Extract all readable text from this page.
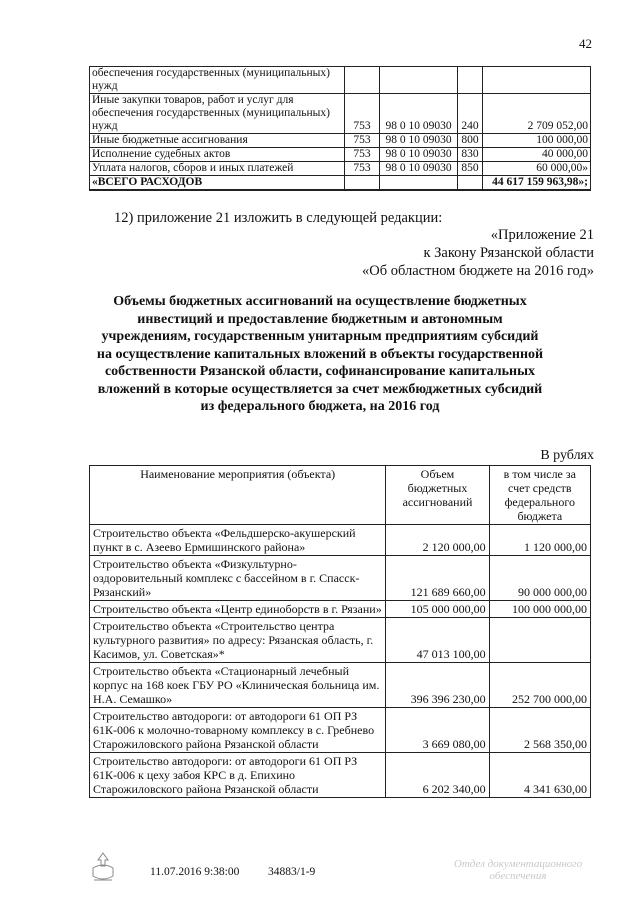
42
обеспечения государственных (муниципальных) нужд				
Иные закупки товаров, работ и услуг для обеспечения государственных (муниципальных) нужд	753	98 0 10 09030	240	2 709 052,00
Иные бюджетные ассигнования	753	98 0 10 09030	800	100 000,00
Исполнение судебных актов	753	98 0 10 09030	830	40 000,00
Уплата налогов, сборов и иных платежей	753	98 0 10 09030	850	60 000,00»
«ВСЕГО РАСХОДОВ				44 617 159 963,98»;
12) приложение 21 изложить в следующей редакции:
«Приложение 21
к Закону Рязанской области
«Об областном бюджете на 2016 год»
Объемы бюджетных ассигнований на осуществление бюджетных инвестиций и предоставление бюджетным и автономным учреждениям, государственным унитарным предприятиям субсидий на осуществление капитальных вложений в объекты государственной собственности Рязанской области, софинансирование капитальных вложений в которые осуществляется за счет межбюджетных субсидий из федерального бюджета, на 2016 год
В рублях
Наименование мероприятия (объекта)	Объем бюджетных ассигнований	в том числе за счет средств федерального бюджета
Строительство объекта «Фельдшерско-акушерский пункт в с. Азеево Ермишинского района»	2 120 000,00	1 120 000,00
Строительство объекта «Физкультурно-оздоровительный комплекс с бассейном в г. Спасск-Рязанский»	121 689 660,00	90 000 000,00
Строительство объекта «Центр единоборств в г. Рязани»	105 000 000,00	100 000 000,00
Строительство объекта «Строительство центра культурного развития» по адресу: Рязанская область, г. Касимов, ул. Советская»*	47 013 100,00	
Строительство объекта «Стационарный лечебный корпус на 168 коек ГБУ РО «Клиническая больница им. Н.А. Семашко»	396 396 230,00	252 700 000,00
Строительство автодороги: от автодороги 61 ОП РЗ 61К-006 к молочно-товарному комплексу в с. Гребнево Старожиловского района Рязанской области	3 669 080,00	2 568 350,00
Строительство автодороги: от автодороги 61 ОП РЗ 61К-006 к цеху забоя КРС в д. Епихино Старожиловского района Рязанской области	6 202 340,00	4 341 630,00
11.07.2016 9:38:00 34883/1-9
Отдел документационного
обеспечения
